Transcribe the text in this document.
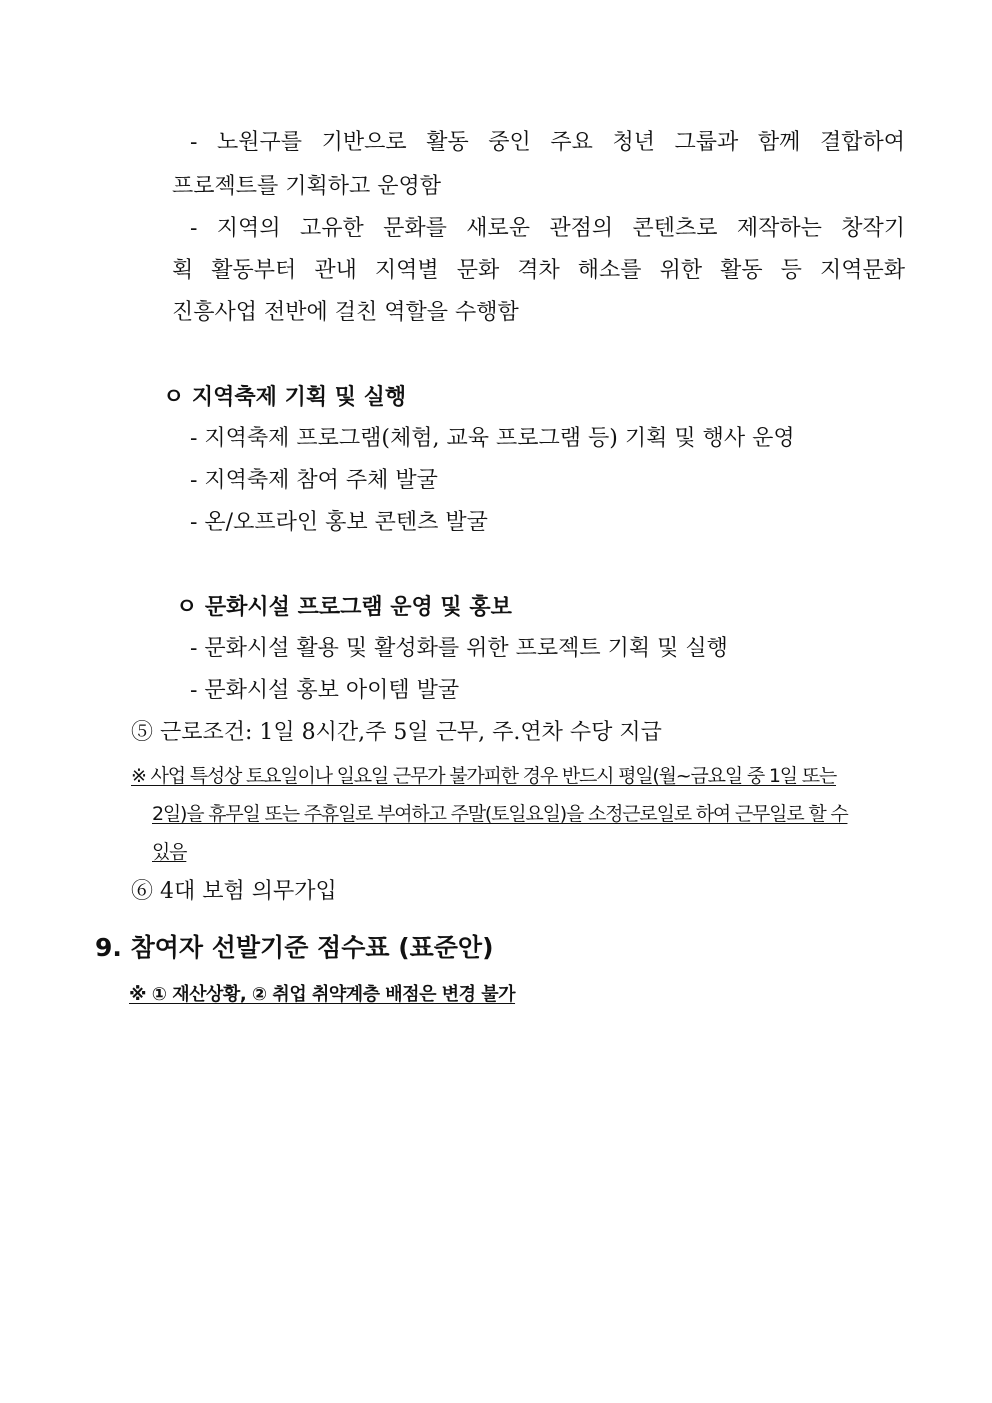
- 노원구를 기반으로 활동 중인 주요 청년 그룹과 함께 결합하여
프로젝트를 기획하고 운영함
- 지역의 고유한 문화를 새로운 관점의 콘텐츠로 제작하는 창작기
획 활동부터 관내 지역별 문화 격차 해소를 위한 활동 등 지역문화
진흥사업 전반에 걸친 역할을 수행함
ㅇ 지역축제 기획 및 실행
- 지역축제 프로그램(체험, 교육 프로그램 등) 기획 및 행사 운영
- 지역축제 참여 주체 발굴
- 온/오프라인 홍보 콘텐츠 발굴
ㅇ 문화시설 프로그램 운영 및 홍보
- 문화시설 활용 및 활성화를 위한 프로젝트 기획 및 실행
- 문화시설 홍보 아이템 발굴
⑤ 근로조건: 1일 8시간,주 5일 근무, 주.연차 수당 지급
※ 사업 특성상 토요일이나 일요일 근무가 불가피한 경우 반드시 평일(월~금요일 중 1일 또는
2일)을 휴무일 또는 주휴일로 부여하고 주말(토일요일)을 소정근로일로 하여 근무일로 할 수
있음
⑥ 4대 보험 의무가입
9. 참여자 선발기준 점수표 (표준안)
※ ① 재산상황, ② 취업 취약계층 배점은 변경 불가
